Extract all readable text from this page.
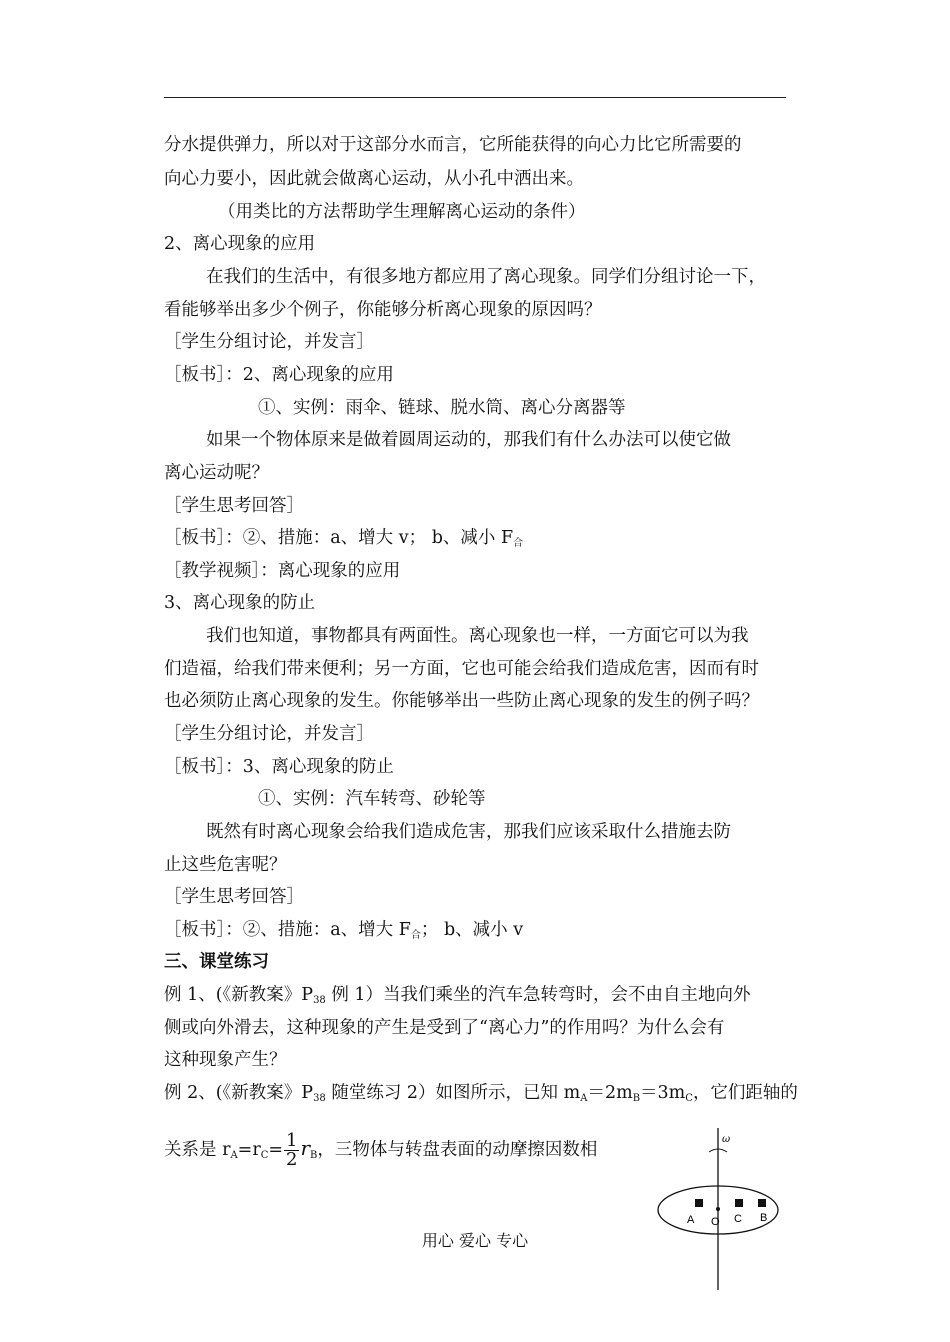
分水提供弹力，所以对于这部分水而言，它所能获得的向心力比它所需要的
向心力要小，因此就会做离心运动，从小孔中洒出来。
（用类比的方法帮助学生理解离心运动的条件）
2、离心现象的应用
在我们的生活中，有很多地方都应用了离心现象。同学们分组讨论一下，
看能够举出多少个例子，你能够分析离心现象的原因吗？
［学生分组讨论，并发言］
［板书］：2、离心现象的应用
①、实例：雨伞、链球、脱水筒、离心分离器等
如果一个物体原来是做着圆周运动的，那我们有什么办法可以使它做
离心运动呢？
［学生思考回答］
［板书］：②、措施：a、增大 v； b、减小 $F_合$
［教学视频］：离心现象的应用
3、离心现象的防止
我们也知道，事物都具有两面性。离心现象也一样，一方面它可以为我
们造福，给我们带来便利；另一方面，它也可能会给我们造成危害，因而有时
也必须防止离心现象的发生。你能够举出一些防止离心现象的发生的例子吗？
［学生分组讨论，并发言］
［板书］：3、离心现象的防止
①、实例：汽车转弯、砂轮等
既然有时离心现象会给我们造成危害，那我们应该采取什么措施去防
止这些危害呢？
［学生思考回答］
［板书］：②、措施：a、增大 $F_合$； b、减小 v
三、课堂练习
例 1、(《新教案》$P_{38}$ 例 1）当我们乘坐的汽车急转弯时，会不由自主地向外
侧或向外滑去，这种现象的产生是受到了“离心力”的作用吗？为什么会有
这种现象产生？
例 2、(《新教案》$P_{38}$ 随堂练习 2）如图所示，已知 $m_A=2m_B=3m_C$，它们距轴的
关系是 $r_A=r_C= \frac{1}{2} r_B$，三物体与转盘表面的动摩擦因数相
ω
A O C B
用心 爱心 专心
